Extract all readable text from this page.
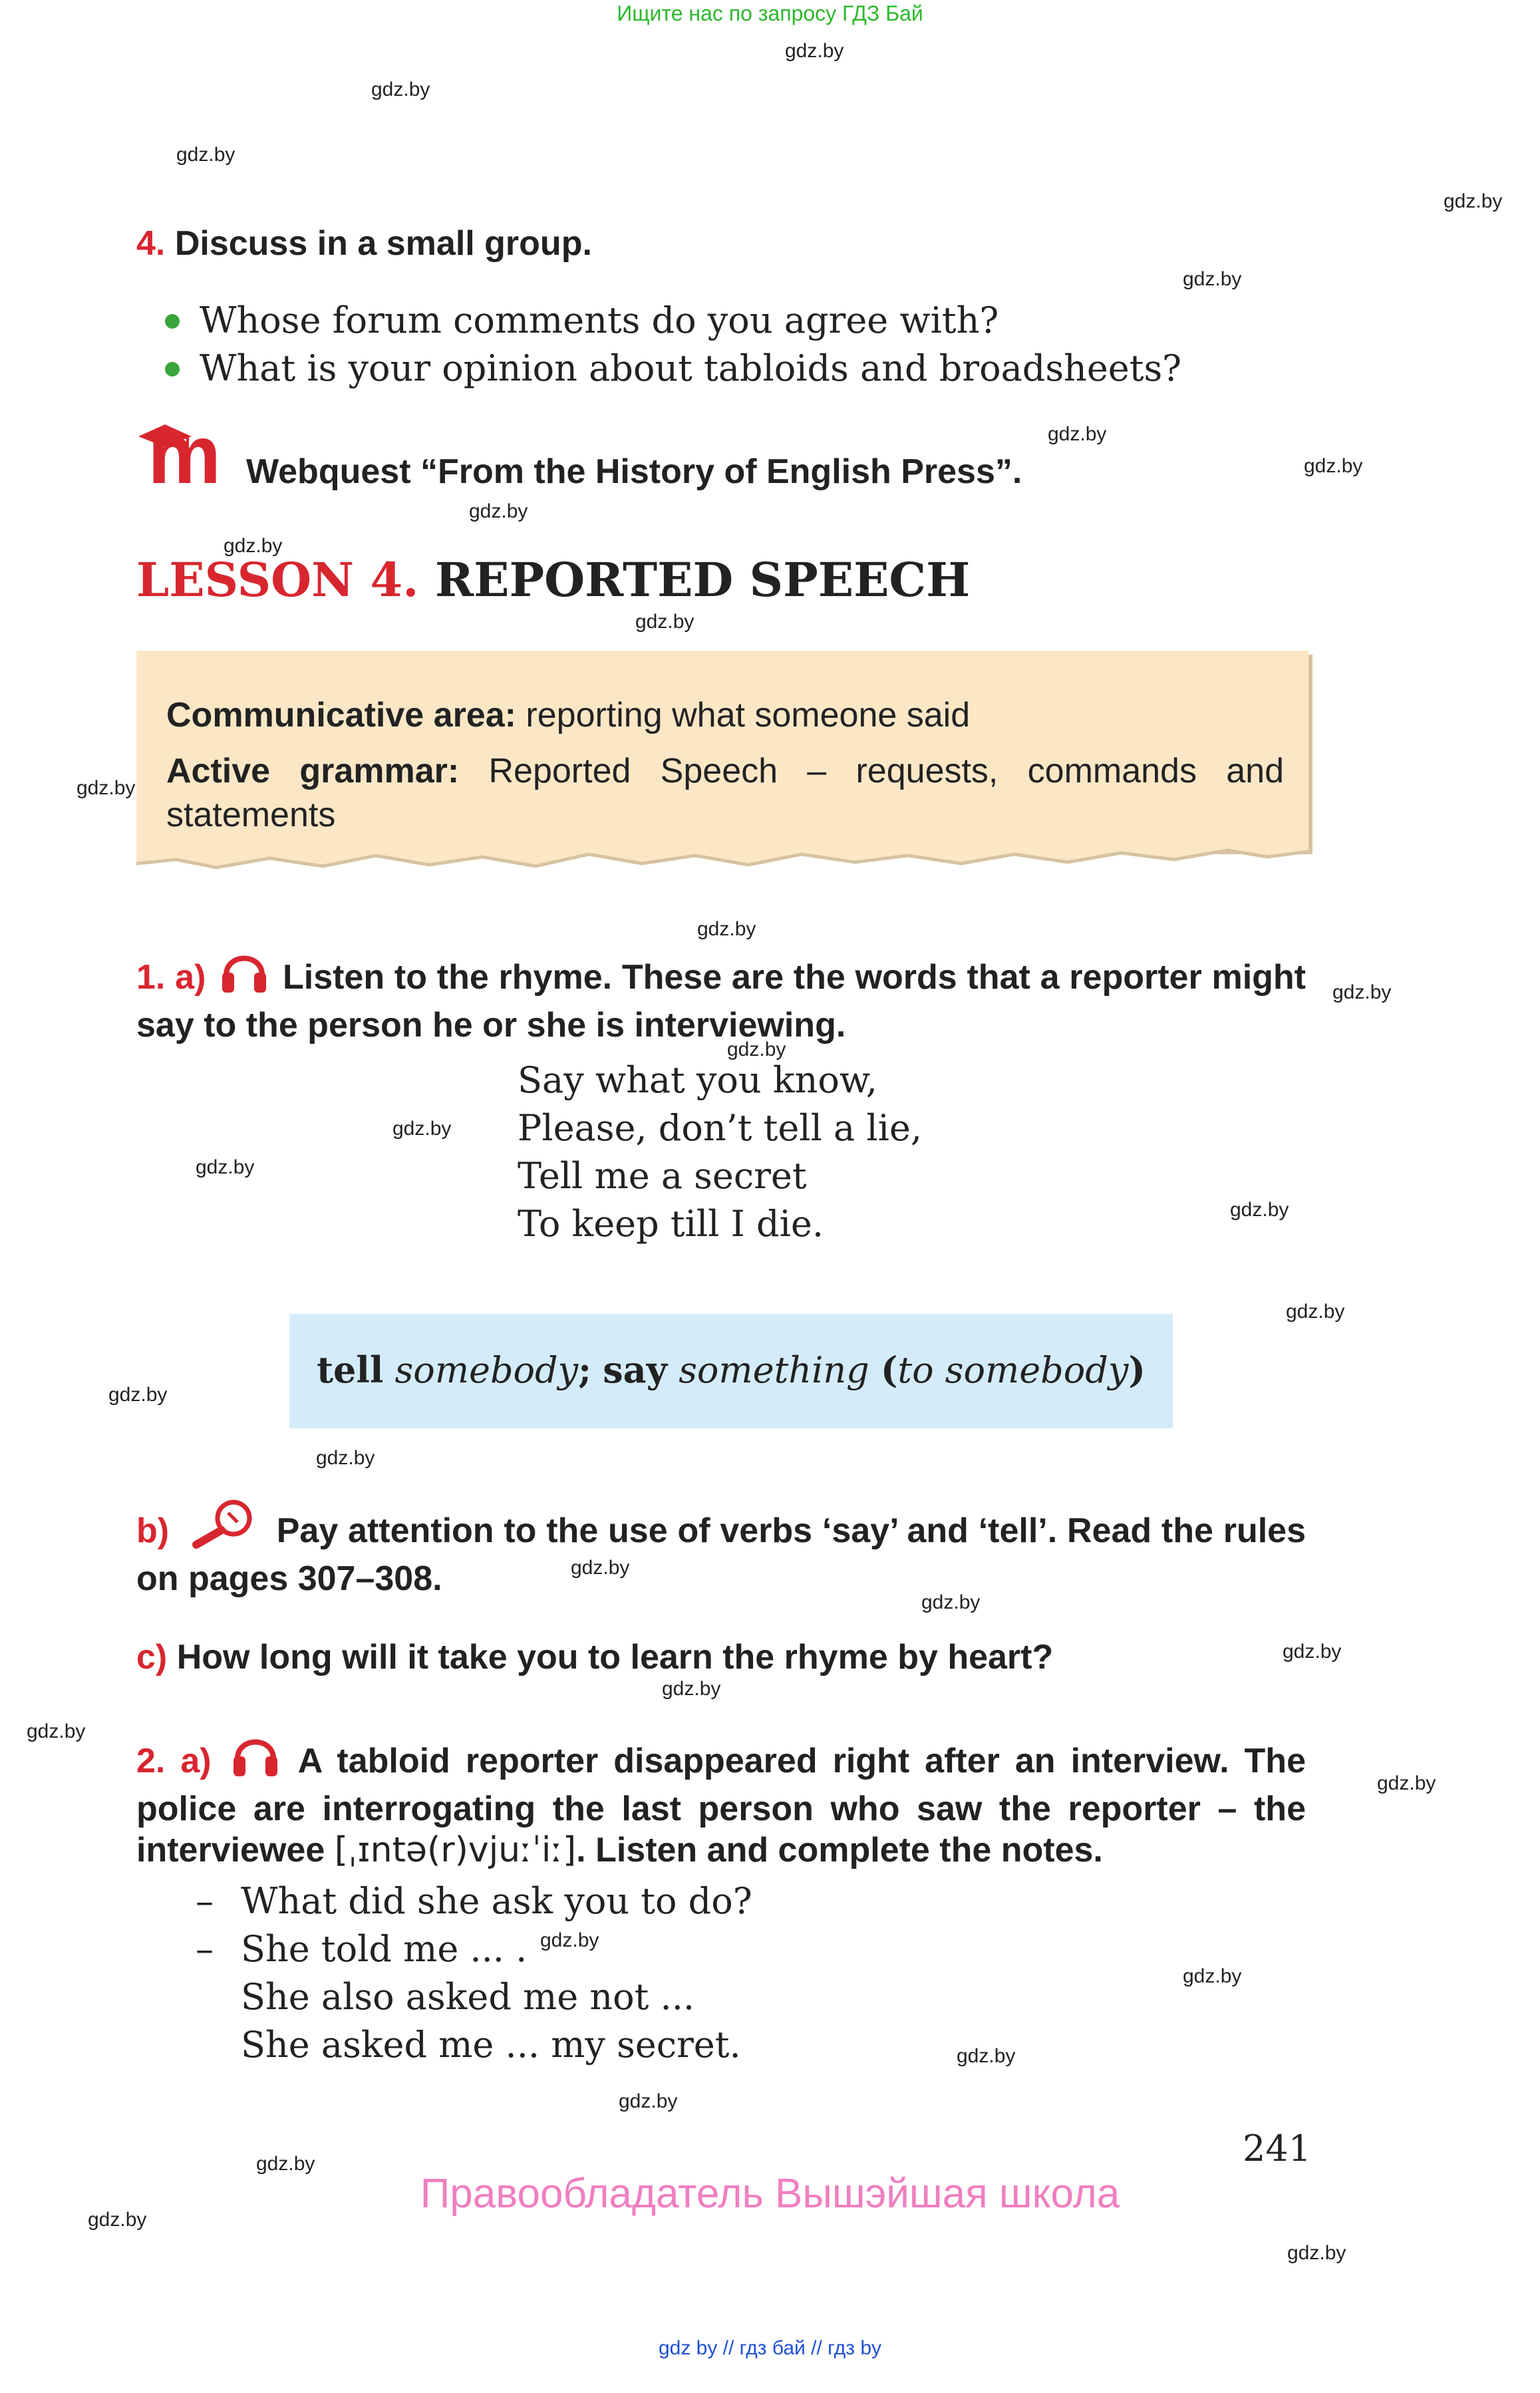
Ищите нас по запросу ГДЗ Бай
gdz.by
gdz.by
gdz.by
gdz.by
gdz.by
gdz.by
gdz.by
gdz.by
gdz.by
gdz.by
gdz.by
gdz.by
gdz.by
gdz.by
gdz.by
gdz.by
gdz.by
gdz.by
gdz.by
gdz.by
gdz.by
gdz.by
gdz.by
gdz.by
gdz.by
gdz.by
gdz.by
gdz.by
gdz.by
gdz.by
gdz.by
gdz.by
gdz.by
4. Discuss in a small group.
Whose forum comments do you agree with?
What is your opinion about tabloids and broadsheets?
m Webquest “From the History of English Press”.
LESSON 4. REPORTED SPEECH
Communicative area: reporting what someone said
Active grammar: Reported Speech – requests, commands and statements
1. a) Listen to the rhyme. These are the words that a reporter might say to the person he or she is interviewing.
Say what you know,
Please, don’t tell a lie,
Tell me a secret
To keep till I die.
tell somebody; say something (to somebody)
b)	Pay attention to the use of verbs ‘say’ and ‘tell’. Read the rules on pages 307–308.
c) How long will it take you to learn the rhyme by heart?
2. a)	A tabloid reporter disappeared right after an interview. The police are interrogating the last person who saw the reporter – the interviewee [ˌɪntə(r)vjuːˈiː]. Listen and complete the notes.
– What did she ask you to do?
– She told me ... .
She also asked me not ...
She asked me ... my secret.
241
Правообладатель Вышэйшая школа
gdz by // гдз бай // гдз by
